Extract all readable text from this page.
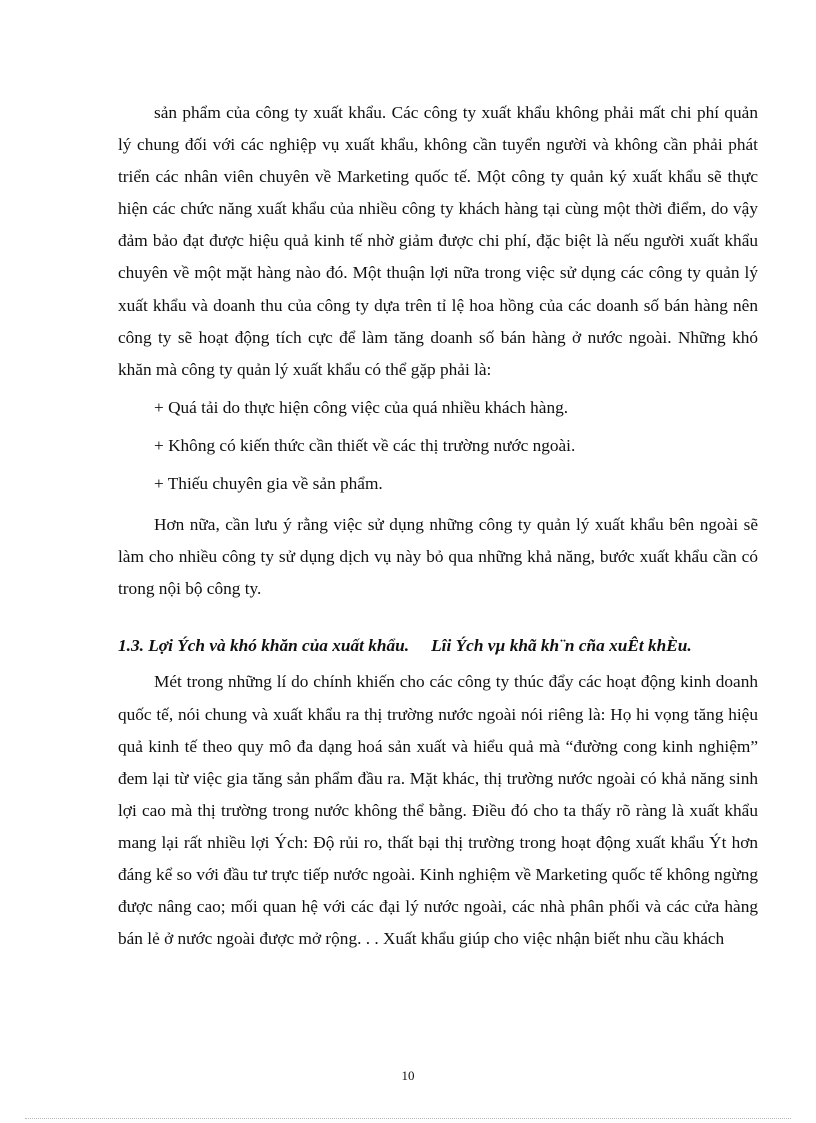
sản phẩm của công ty xuất khẩu. Các công ty xuất khẩu không phải mất chi phí quản lý chung đối với các nghiệp vụ xuất khẩu, không cần tuyển người và không cần phải phát triển các nhân viên chuyên về Marketing quốc tế. Một công ty quản ký xuất khẩu sẽ thực hiện các chức năng xuất khẩu của nhiều công ty khách hàng tại cùng một thời điểm, do vậy đảm bảo đạt được hiệu quả kinh tế nhờ giảm được chi phí, đặc biệt là nếu người xuất khẩu chuyên về một mặt hàng nào đó. Một thuận lợi nữa trong việc sử dụng các công ty quản lý xuất khẩu và doanh thu của công ty dựa trên tỉ lệ hoa hồng của các doanh số bán hàng nên công ty sẽ hoạt động tích cực để làm tăng doanh số bán hàng ở nước ngoài. Những khó khăn mà công ty quản lý xuất khẩu có thể gặp phải là:

+ Quá tải do thực hiện công việc của quá nhiều khách hàng.
+ Không có kiến thức cần thiết về các thị trường nước ngoài.
+ Thiếu chuyên gia về sản phẩm.

Hơn nữa, cần lưu ý rằng việc sử dụng những công ty quản lý xuất khẩu bên ngoài sẽ làm cho nhiều công ty sử dụng dịch vụ này bỏ qua những khả năng, bước xuất khẩu cần có trong nội bộ công ty.

1.3. Lợi Ých và khó khăn của xuất khẩu. Lîi Ých vµ khã kh¨n cña xuÊt khÈu.

Mét trong những lí do chính khiến cho các công ty thúc đẩy các hoạt động kinh doanh quốc tế, nói chung và xuất khẩu ra thị trường nước ngoài nói riêng là: Họ hi vọng tăng hiệu quả kinh tế theo quy mô đa dạng hoá sản xuất và hiểu quả mà “đường cong kinh nghiệm” đem lại từ việc gia tăng sản phẩm đầu ra. Mặt khác, thị trường nước ngoài có khả năng sinh lợi cao mà thị trường trong nước không thể bằng. Điều đó cho ta thấy rõ ràng là xuất khẩu mang lại rất nhiều lợi Ých: Độ rủi ro, thất bại thị trường trong hoạt động xuất khẩu Ýt hơn đáng kể so với đầu tư trực tiếp nước ngoài. Kinh nghiệm về Marketing quốc tế không ngừng được nâng cao; mối quan hệ với các đại lý nước ngoài, các nhà phân phối và các cửa hàng bán lẻ ở nước ngoài được mở rộng. . . Xuất khẩu giúp cho việc nhận biết nhu cầu khách

10
